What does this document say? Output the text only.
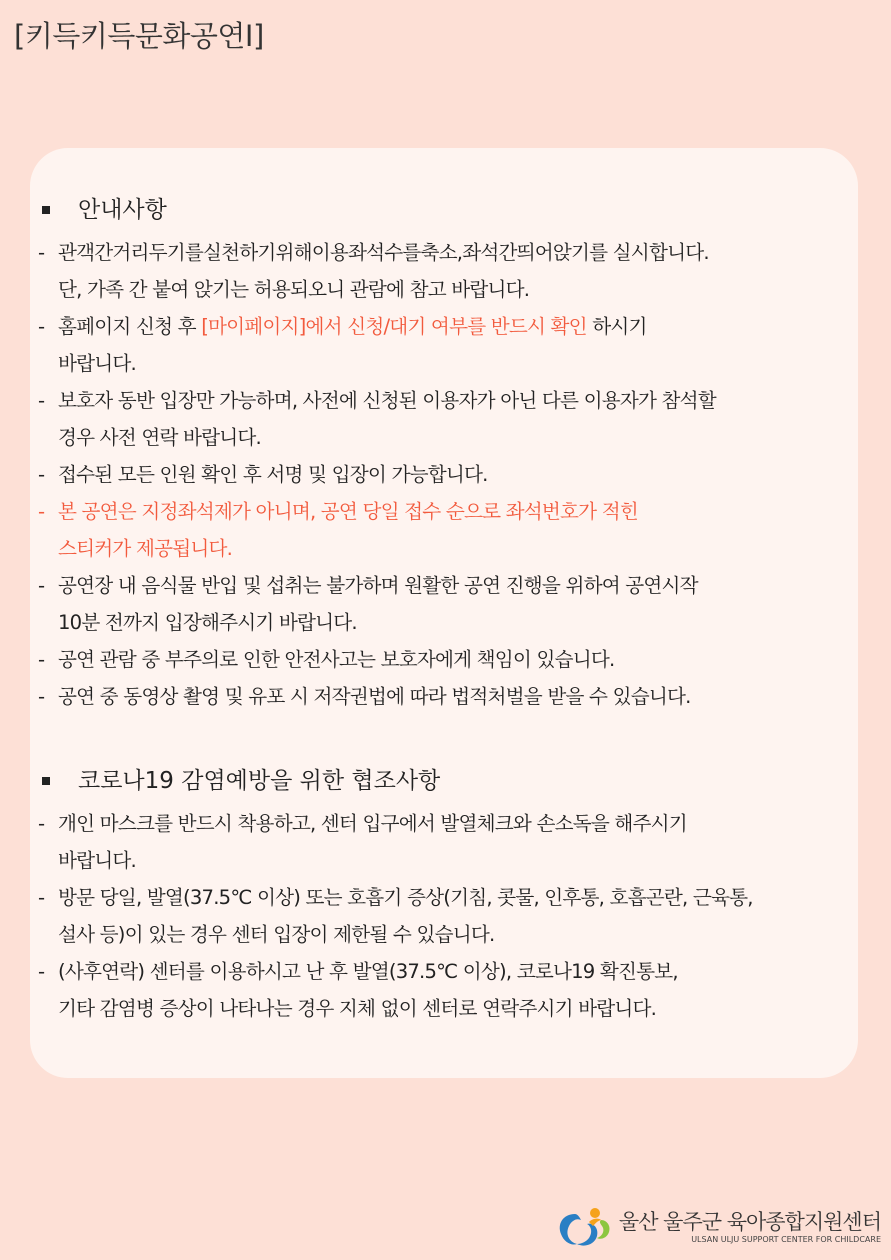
[키득키득문화공연Ⅰ]
안내사항
- 관객간거리두기를실천하기위해이용좌석수를축소,좌석간띄어앉기를 실시합니다.
단, 가족 간 붙여 앉기는 허용되오니 관람에 참고 바랍니다.
- 홈페이지 신청 후 [마이페이지]에서 신청/대기 여부를 반드시 확인 하시기
바랍니다.
- 보호자 동반 입장만 가능하며, 사전에 신청된 이용자가 아닌 다른 이용자가 참석할
경우 사전 연락 바랍니다.
- 접수된 모든 인원 확인 후 서명 및 입장이 가능합니다.
- 본 공연은 지정좌석제가 아니며, 공연 당일 접수 순으로 좌석번호가 적힌
스티커가 제공됩니다.
- 공연장 내 음식물 반입 및 섭취는 불가하며 원활한 공연 진행을 위하여 공연시작
10분 전까지 입장해주시기 바랍니다.
- 공연 관람 중 부주의로 인한 안전사고는 보호자에게 책임이 있습니다.
- 공연 중 동영상 촬영 및 유포 시 저작권법에 따라 법적처벌을 받을 수 있습니다.
코로나19 감염예방을 위한 협조사항
- 개인 마스크를 반드시 착용하고, 센터 입구에서 발열체크와 손소독을 해주시기
바랍니다.
- 방문 당일, 발열(37.5℃ 이상) 또는 호흡기 증상(기침, 콧물, 인후통, 호흡곤란, 근육통,
설사 등)이 있는 경우 센터 입장이 제한될 수 있습니다.
- (사후연락) 센터를 이용하시고 난 후 발열(37.5℃ 이상), 코로나19 확진통보,
기타 감염병 증상이 나타나는 경우 지체 없이 센터로 연락주시기 바랍니다.
울산 울주군 육아종합지원센터
ULSAN ULJU SUPPORT CENTER FOR CHILDCARE
